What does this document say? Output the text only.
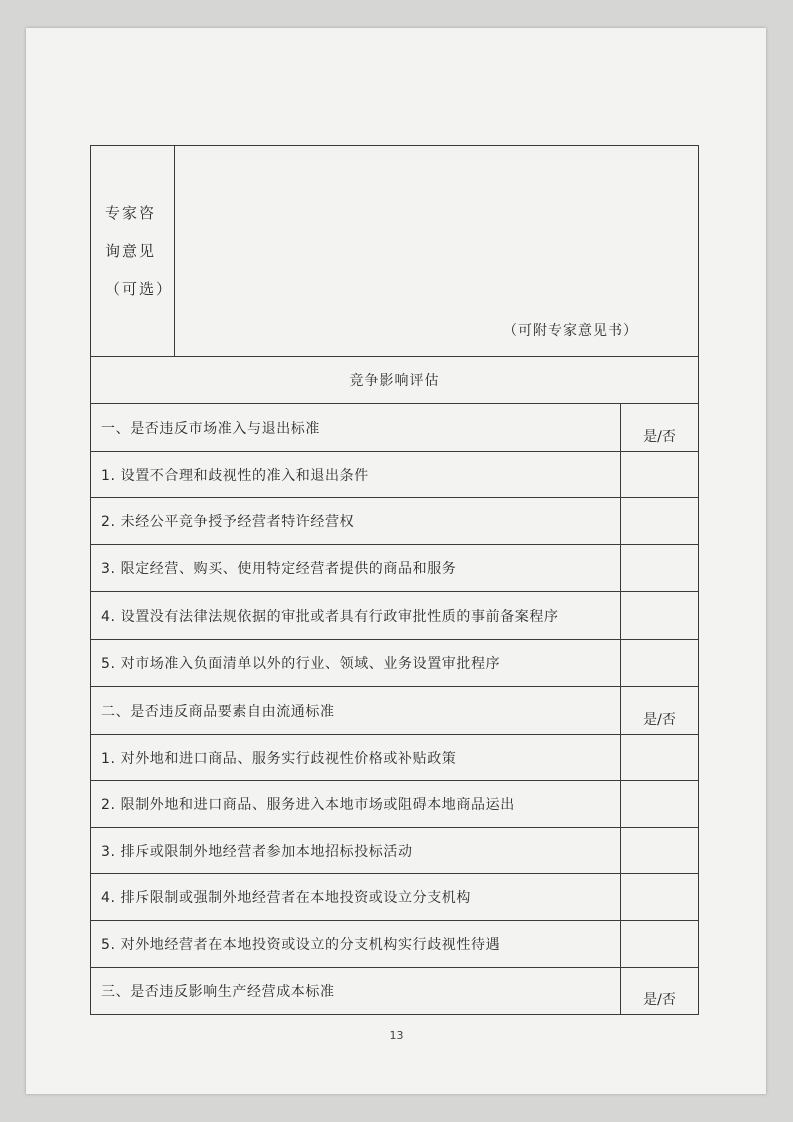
专家咨
询意见
（可选）	（可附专家意见书）	

竞争影响评估		
一、是否违反市场准入与退出标准		是/否
1. 设置不合理和歧视性的准入和退出条件		
2. 未经公平竞争授予经营者特许经营权		
3. 限定经营、购买、使用特定经营者提供的商品和服务		
4. 设置没有法律法规依据的审批或者具有行政审批性质的事前备案程序		
5. 对市场准入负面清单以外的行业、领域、业务设置审批程序		
二、是否违反商品要素自由流通标准		是/否
1. 对外地和进口商品、服务实行歧视性价格或补贴政策		
2. 限制外地和进口商品、服务进入本地市场或阻碍本地商品运出		
3. 排斥或限制外地经营者参加本地招标投标活动		
4. 排斥限制或强制外地经营者在本地投资或设立分支机构		
5. 对外地经营者在本地投资或设立的分支机构实行歧视性待遇		
三、是否违反影响生产经营成本标准		是/否
13
